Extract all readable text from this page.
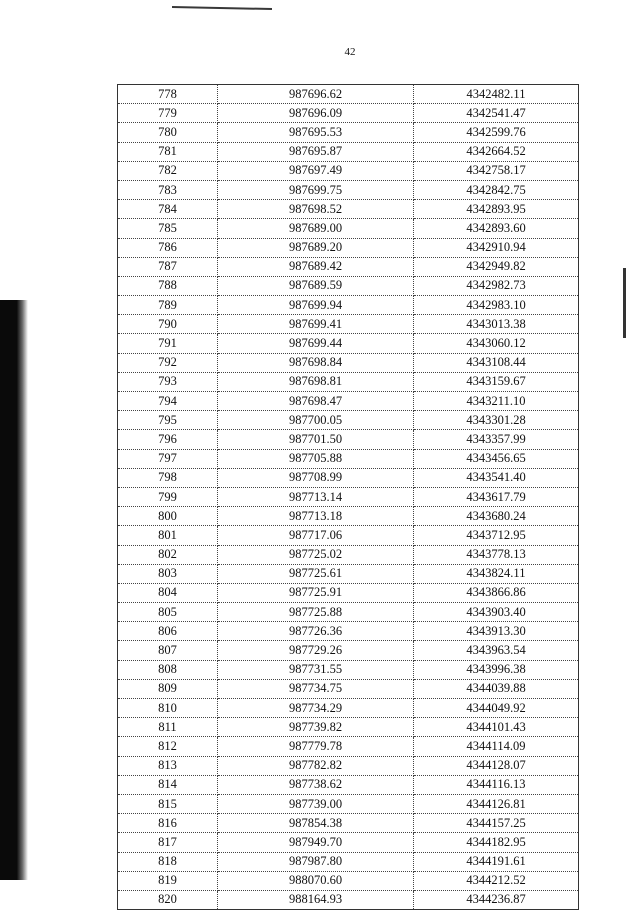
42
778	987696.62	4342482.11
779	987696.09	4342541.47
780	987695.53	4342599.76
781	987695.87	4342664.52
782	987697.49	4342758.17
783	987699.75	4342842.75
784	987698.52	4342893.95
785	987689.00	4342893.60
786	987689.20	4342910.94
787	987689.42	4342949.82
788	987689.59	4342982.73
789	987699.94	4342983.10
790	987699.41	4343013.38
791	987699.44	4343060.12
792	987698.84	4343108.44
793	987698.81	4343159.67
794	987698.47	4343211.10
795	987700.05	4343301.28
796	987701.50	4343357.99
797	987705.88	4343456.65
798	987708.99	4343541.40
799	987713.14	4343617.79
800	987713.18	4343680.24
801	987717.06	4343712.95
802	987725.02	4343778.13
803	987725.61	4343824.11
804	987725.91	4343866.86
805	987725.88	4343903.40
806	987726.36	4343913.30
807	987729.26	4343963.54
808	987731.55	4343996.38
809	987734.75	4344039.88
810	987734.29	4344049.92
811	987739.82	4344101.43
812	987779.78	4344114.09
813	987782.82	4344128.07
814	987738.62	4344116.13
815	987739.00	4344126.81
816	987854.38	4344157.25
817	987949.70	4344182.95
818	987987.80	4344191.61
819	988070.60	4344212.52
820	988164.93	4344236.87
